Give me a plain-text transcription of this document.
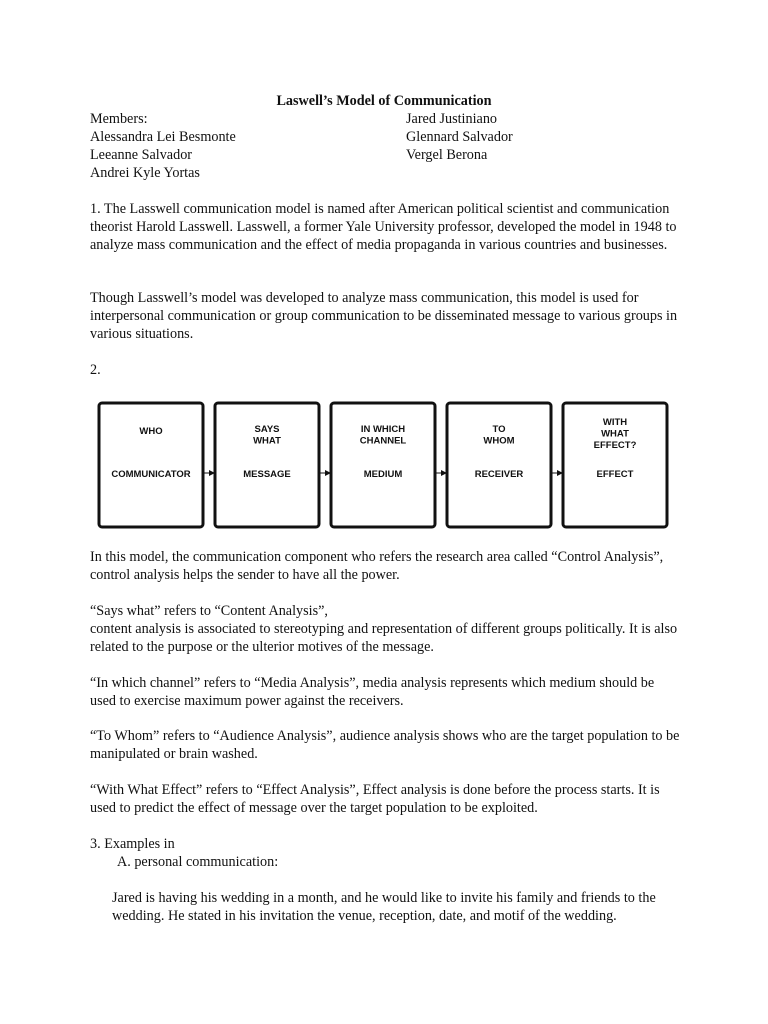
Laswell’s Model of Communication
Members:
Alessandra Lei Besmonte
Leeanne Salvador
Andrei Kyle Yortas
Jared Justiniano
Glennard Salvador
Vergel Berona
1. The Lasswell communication model is named after American political scientist and communication theorist Harold Lasswell. Lasswell, a former Yale University professor, developed the model in 1948 to analyze mass communication and the effect of media propaganda in various countries and businesses.
Though Lasswell’s model was developed to analyze mass communication, this model is used for interpersonal communication or group communication to be disseminated message to various groups in various situations.
2.
WHO
COMMUNICATOR
SAYS
WHAT
MESSAGE
IN WHICH
CHANNEL
MEDIUM
TO
WHOM
RECEIVER
WITH
WHAT
EFFECT?
EFFECT
In this model, the communication component who refers the research area called “Control Analysis”, control analysis helps the sender to have all the power.
“Says what” refers to “Content Analysis”,
content analysis is associated to stereotyping and representation of different groups politically. It is also related to the purpose or the ulterior motives of the message.
“In which channel” refers to “Media Analysis”, media analysis represents which medium should be used to exercise maximum power against the receivers.
“To Whom” refers to “Audience Analysis”, audience analysis shows who are the target population to be manipulated or brain washed.
“With What Effect” refers to “Effect Analysis”, Effect analysis is done before the process starts. It is used to predict the effect of message over the target population to be exploited.
3. Examples in
A. personal communication:
Jared is having his wedding in a month, and he would like to invite his family and friends to the wedding. He stated in his invitation the venue, reception, date, and motif of the wedding.
